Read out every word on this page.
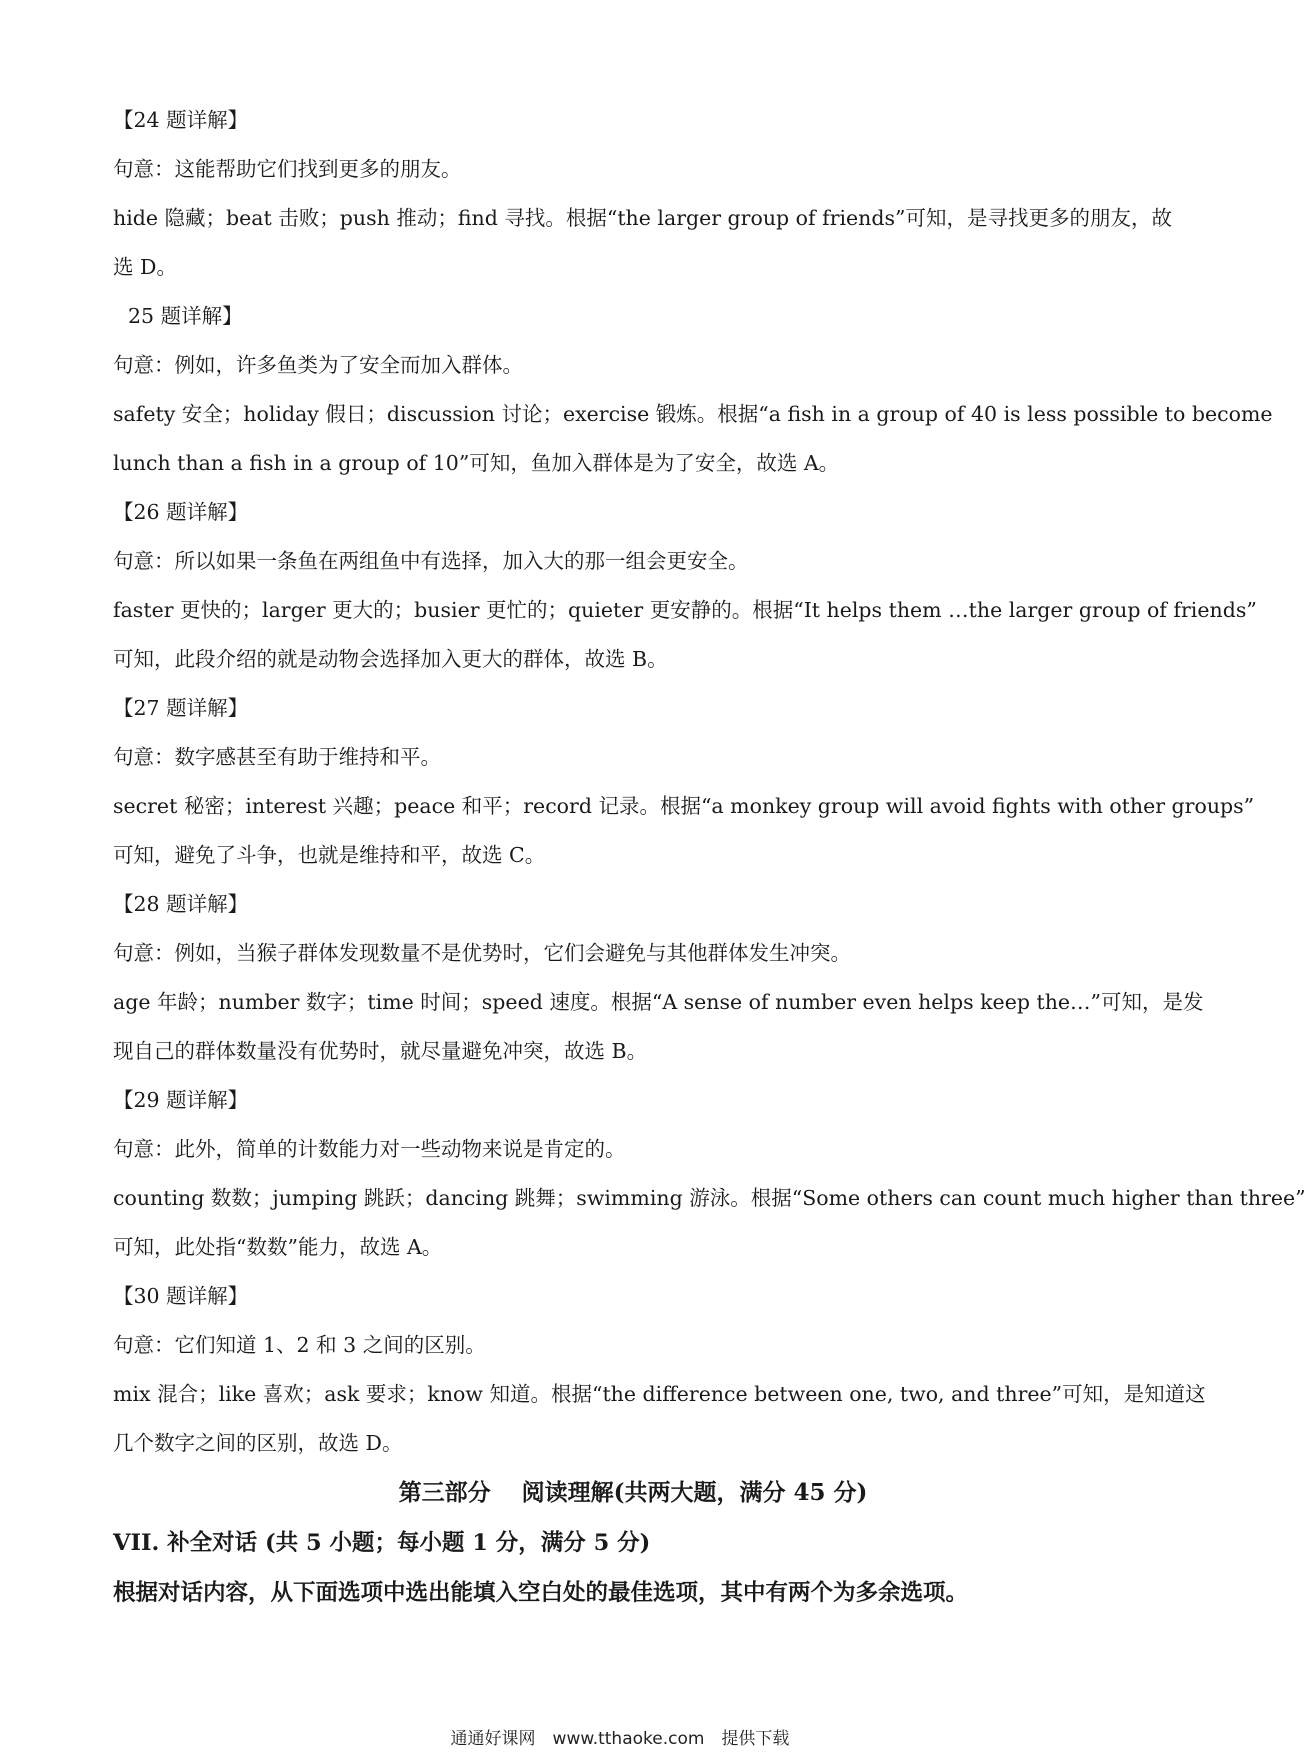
【24 题详解】
句意：这能帮助它们找到更多的朋友。
hide 隐藏；beat 击败；push 推动；find 寻找。根据“the larger group of friends”可知，是寻找更多的朋友，故
选 D。
25 题详解】
句意：例如，许多鱼类为了安全而加入群体。
safety 安全；holiday 假日；discussion 讨论；exercise 锻炼。根据“a fish in a group of 40 is less possible to become
lunch than a fish in a group of 10”可知，鱼加入群体是为了安全，故选 A。
【26 题详解】
句意：所以如果一条鱼在两组鱼中有选择，加入大的那一组会更安全。
faster 更快的；larger 更大的；busier 更忙的；quieter 更安静的。根据“It helps them …the larger group of friends”
可知，此段介绍的就是动物会选择加入更大的群体，故选 B。
【27 题详解】
句意：数字感甚至有助于维持和平。
secret 秘密；interest 兴趣；peace 和平；record 记录。根据“a monkey group will avoid fights with other groups”
可知，避免了斗争，也就是维持和平，故选 C。
【28 题详解】
句意：例如，当猴子群体发现数量不是优势时，它们会避免与其他群体发生冲突。
age 年龄；number 数字；time 时间；speed 速度。根据“A sense of number even helps keep the…”可知，是发
现自己的群体数量没有优势时，就尽量避免冲突，故选 B。
【29 题详解】
句意：此外，简单的计数能力对一些动物来说是肯定的。
counting 数数；jumping 跳跃；dancing 跳舞；swimming 游泳。根据“Some others can count much higher than three”
可知，此处指“数数”能力，故选 A。
【30 题详解】
句意：它们知道 1、2 和 3 之间的区别。
mix 混合；like 喜欢；ask 要求；know 知道。根据“the difference between one, two, and three”可知，是知道这
几个数字之间的区别，故选 D。
第三部分　 阅读理解(共两大题，满分 45 分)
VII. 补全对话 (共 5 小题；每小题 1 分，满分 5 分)
根据对话内容，从下面选项中选出能填入空白处的最佳选项，其中有两个为多余选项。
通通好课网　www.tthaoke.com　提供下载
